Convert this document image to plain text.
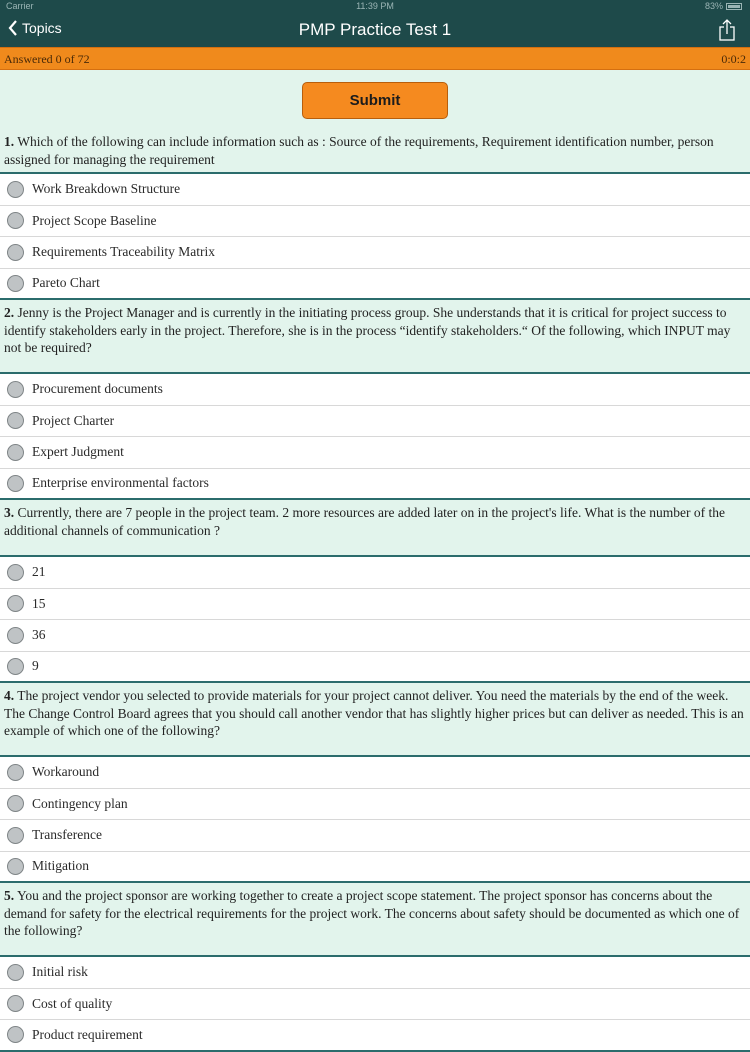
Carrier	11:39 PM	83%
Topics	PMP Practice Test 1
Answered 0 of 72	0:0:2
Submit
1. Which of the following can include information such as : Source of the requirements, Requirement identification number, person assigned for managing the requirement
Work Breakdown Structure
Project Scope Baseline
Requirements Traceability Matrix
Pareto Chart
2. Jenny is the Project Manager and is currently in the initiating process group. She understands that it is critical for project success to identify stakeholders early in the project. Therefore, she is in the process “identify stakeholders.“ Of the following, which INPUT may not be required?
Procurement documents
Project Charter
Expert Judgment
Enterprise environmental factors
3. Currently, there are 7 people in the project team. 2 more resources are added later on in the project's life. What is the number of the additional channels of communication ?
21
15
36
9
4. The project vendor you selected to provide materials for your project cannot deliver. You need the materials by the end of the week. The Change Control Board agrees that you should call another vendor that has slightly higher prices but can deliver as needed. This is an example of which one of the following?
Workaround
Contingency plan
Transference
Mitigation
5. You and the project sponsor are working together to create a project scope statement. The project sponsor has concerns about the demand for safety for the electrical requirements for the project work. The concerns about safety should be documented as which one of the following?
Initial risk
Cost of quality
Product requirement
